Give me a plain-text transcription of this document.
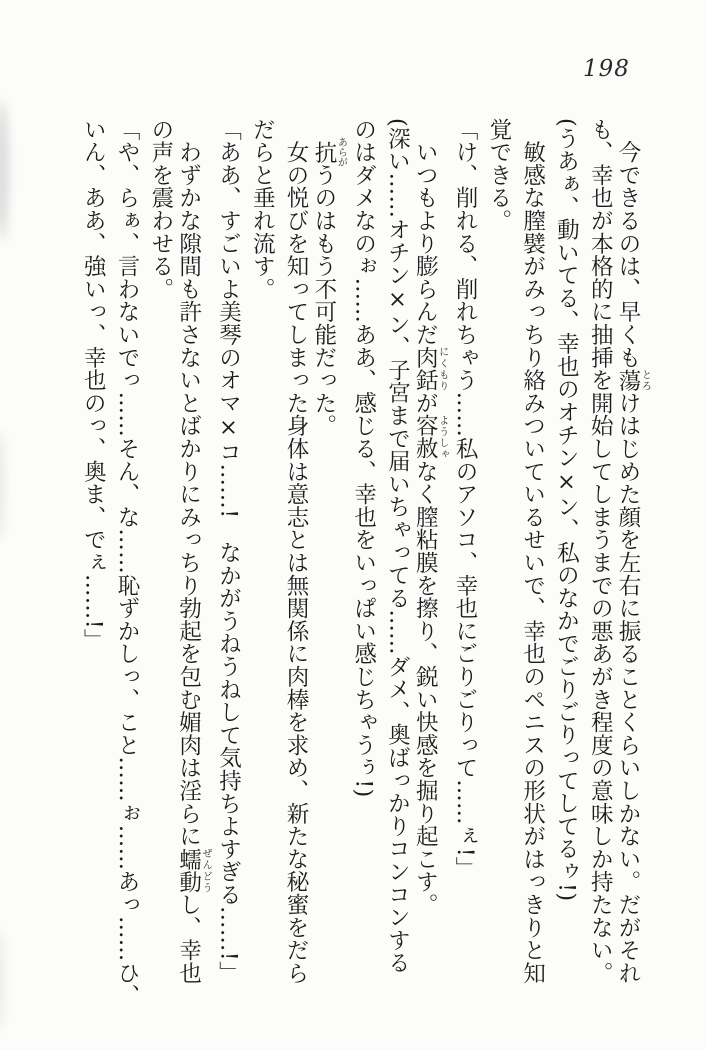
198
　今できるのは、早くも蕩とろけはじめた顔を左右に振ることくらいしかない。だがそれ
も、幸也が本格的に抽挿を開始してしまうまでの悪あがき程度の意味しか持たない。
(うあぁ、動いてる、幸也のオチン×ン、私のなかでごりごりってしてるゥ!)
　敏感な膣襞がみっちり絡みついているせいで、幸也のペニスの形状がはっきりと知
覚できる。
「け、削れる、削れちゃう……私のアソコ、幸也にごりごりって……ぇ!」
　いつもより膨らんだ肉銛にくもりが容赦ようしゃなく膣粘膜を擦り、鋭い快感を掘り起こす。
(深い……オチン×ン、子宮まで届いちゃってる……ダメ、奥ばっかりコンコンする
のはダメなのぉ……ああ、感じる、幸也をいっぱい感じちゃうぅ!)
　抗あらがうのはもう不可能だった。
　女の悦びを知ってしまった身体は意志とは無関係に肉棒を求め、新たな秘蜜をだら
だらと垂れ流す。
「ああ、すごいよ美琴のオマ×コ……!　なかがうねうねして気持ちよすぎる……!」
　わずかな隙間も許さないとばかりにみっちり勃起を包む媚肉は淫らに蠕動ぜんどうし、幸也
の声を震わせる。
「や、らぁ、言わないでっ……そん、な……恥ずかしっ、こと……ぉ……あっ……ひ、
いん、ああ、強いっ、幸也のっ、奥ま、でぇ……!」
